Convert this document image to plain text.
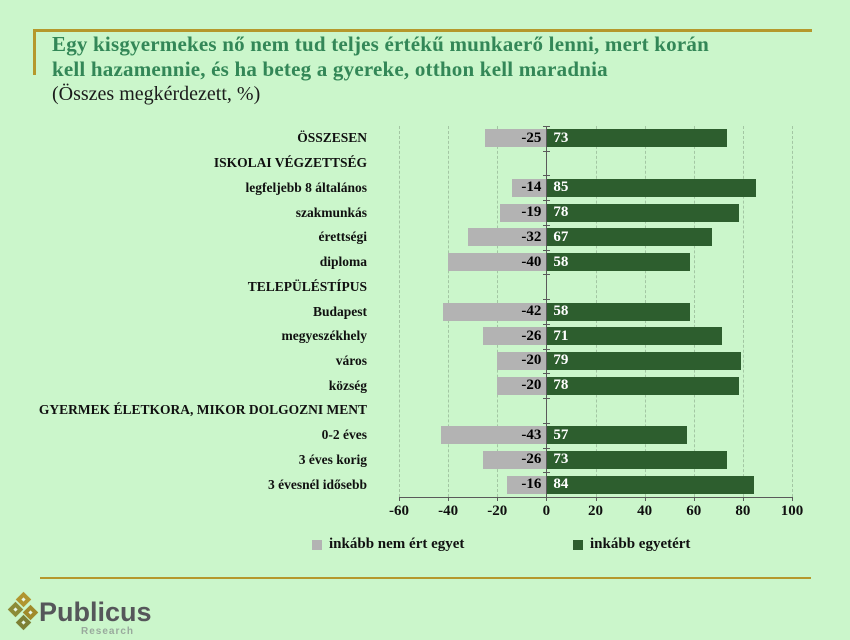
Egy kisgyermekes nő nem tud teljes értékű munkaerő lenni, mert korán
kell hazamennie, és ha beteg a gyereke, otthon kell maradnia
(Összes megkérdezett, %)
ÖSSZESEN	-25 73
ISKOLAI VÉGZETTSÉG
legfeljebb 8 általános	-14 85
szakmunkás	-19 78
érettségi	-32 67
diploma	-40 58
TELEPÜLÉSTÍPUS
Budapest	-42 58
megyeszékhely	-26 71
város	-20 79
község	-20 78
GYERMEK ÉLETKORA, MIKOR DOLGOZNI MENT
0-2 éves	-43 57
3 éves korig	-26 73
3 évesnél idősebb	-16 84
-60 -40 -20 0	20 40 60 80 100
inkább nem ért egyet	inkább egyetért
Publicus
Research
